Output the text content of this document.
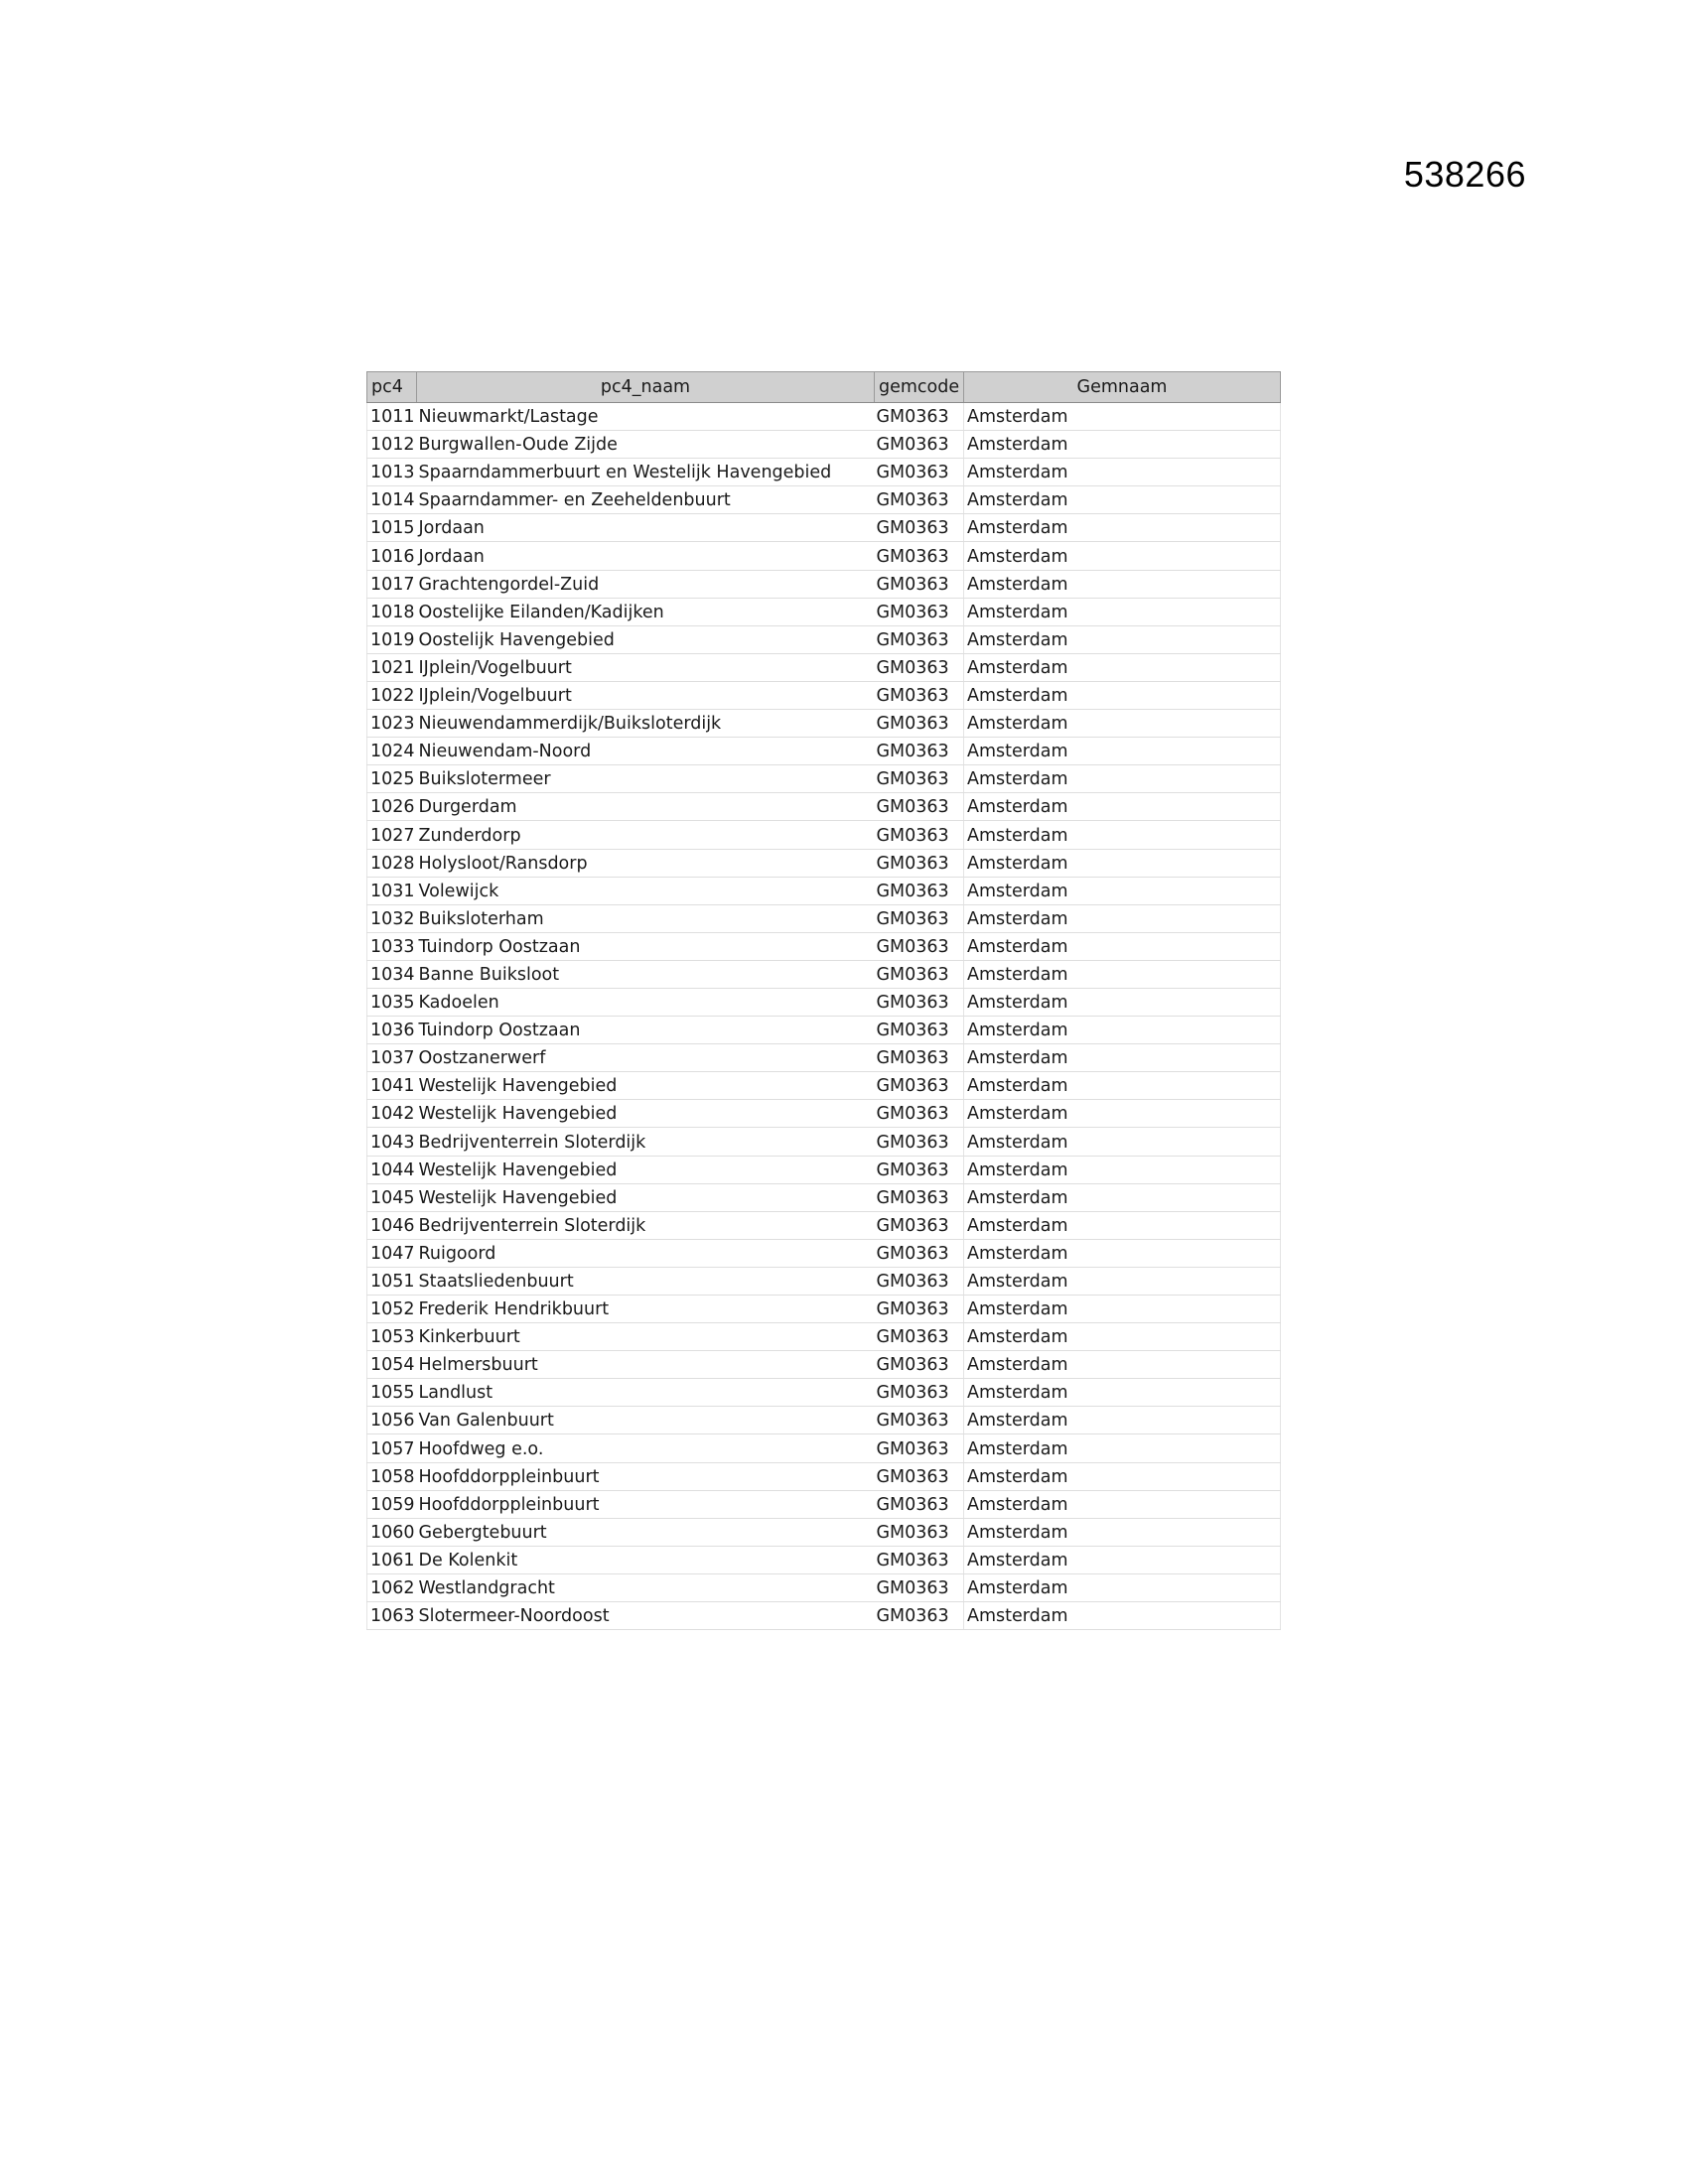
538266
pc4	pc4_naam	gemcode	Gemnaam
1011	Nieuwmarkt/Lastage	GM0363	Amsterdam
1012	Burgwallen-Oude Zijde	GM0363	Amsterdam
1013	Spaarndammerbuurt en Westelijk Havengebied	GM0363	Amsterdam
1014	Spaarndammer- en Zeeheldenbuurt	GM0363	Amsterdam
1015	Jordaan	GM0363	Amsterdam
1016	Jordaan	GM0363	Amsterdam
1017	Grachtengordel-Zuid	GM0363	Amsterdam
1018	Oostelijke Eilanden/Kadijken	GM0363	Amsterdam
1019	Oostelijk Havengebied	GM0363	Amsterdam
1021	IJplein/Vogelbuurt	GM0363	Amsterdam
1022	IJplein/Vogelbuurt	GM0363	Amsterdam
1023	Nieuwendammerdijk/Buiksloterdijk	GM0363	Amsterdam
1024	Nieuwendam-Noord	GM0363	Amsterdam
1025	Buikslotermeer	GM0363	Amsterdam
1026	Durgerdam	GM0363	Amsterdam
1027	Zunderdorp	GM0363	Amsterdam
1028	Holysloot/Ransdorp	GM0363	Amsterdam
1031	Volewijck	GM0363	Amsterdam
1032	Buiksloterham	GM0363	Amsterdam
1033	Tuindorp Oostzaan	GM0363	Amsterdam
1034	Banne Buiksloot	GM0363	Amsterdam
1035	Kadoelen	GM0363	Amsterdam
1036	Tuindorp Oostzaan	GM0363	Amsterdam
1037	Oostzanerwerf	GM0363	Amsterdam
1041	Westelijk Havengebied	GM0363	Amsterdam
1042	Westelijk Havengebied	GM0363	Amsterdam
1043	Bedrijventerrein Sloterdijk	GM0363	Amsterdam
1044	Westelijk Havengebied	GM0363	Amsterdam
1045	Westelijk Havengebied	GM0363	Amsterdam
1046	Bedrijventerrein Sloterdijk	GM0363	Amsterdam
1047	Ruigoord	GM0363	Amsterdam
1051	Staatsliedenbuurt	GM0363	Amsterdam
1052	Frederik Hendrikbuurt	GM0363	Amsterdam
1053	Kinkerbuurt	GM0363	Amsterdam
1054	Helmersbuurt	GM0363	Amsterdam
1055	Landlust	GM0363	Amsterdam
1056	Van Galenbuurt	GM0363	Amsterdam
1057	Hoofdweg e.o.	GM0363	Amsterdam
1058	Hoofddorppleinbuurt	GM0363	Amsterdam
1059	Hoofddorppleinbuurt	GM0363	Amsterdam
1060	Gebergtebuurt	GM0363	Amsterdam
1061	De Kolenkit	GM0363	Amsterdam
1062	Westlandgracht	GM0363	Amsterdam
1063	Slotermeer-Noordoost	GM0363	Amsterdam
